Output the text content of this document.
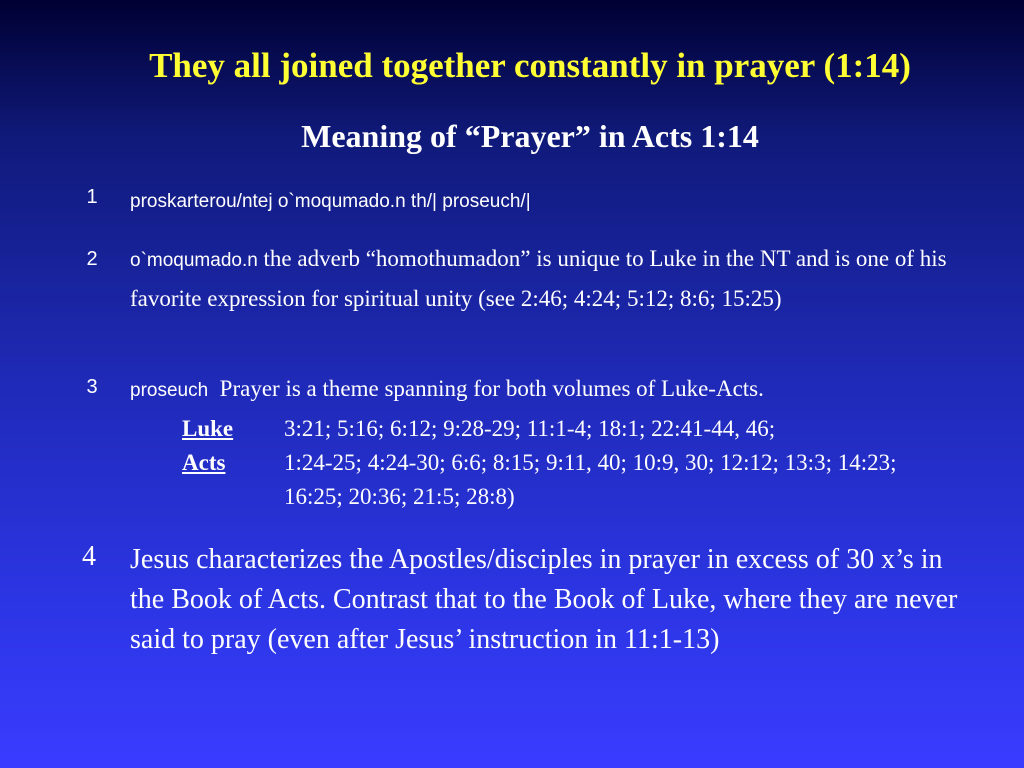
They all joined together constantly in prayer (1:14)
Meaning of “Prayer” in Acts 1:14
1	proskarterou/ntej o`moqumado.n th/| proseuch/|
2	o`moqumado.n the adverb “homothumadon” is unique to Luke in the NT and is one of his favorite expression for spiritual unity (see 2:46; 4:24; 5:12; 8:6; 15:25)
3	proseuch Prayer is a theme spanning for both volumes of Luke-Acts.
Luke	3:21; 5:16; 6:12; 9:28-29; 11:1-4; 18:1; 22:41-44, 46;
Acts	1:24-25; 4:24-30; 6:6; 8:15; 9:11, 40; 10:9, 30; 12:12; 13:3; 14:23; 16:25; 20:36; 21:5; 28:8)
4 Jesus characterizes the Apostles/disciples in prayer in excess of 30 x’s in the Book of Acts. Contrast that to the Book of Luke, where they are never said to pray (even after Jesus’ instruction in 11:1-13)
